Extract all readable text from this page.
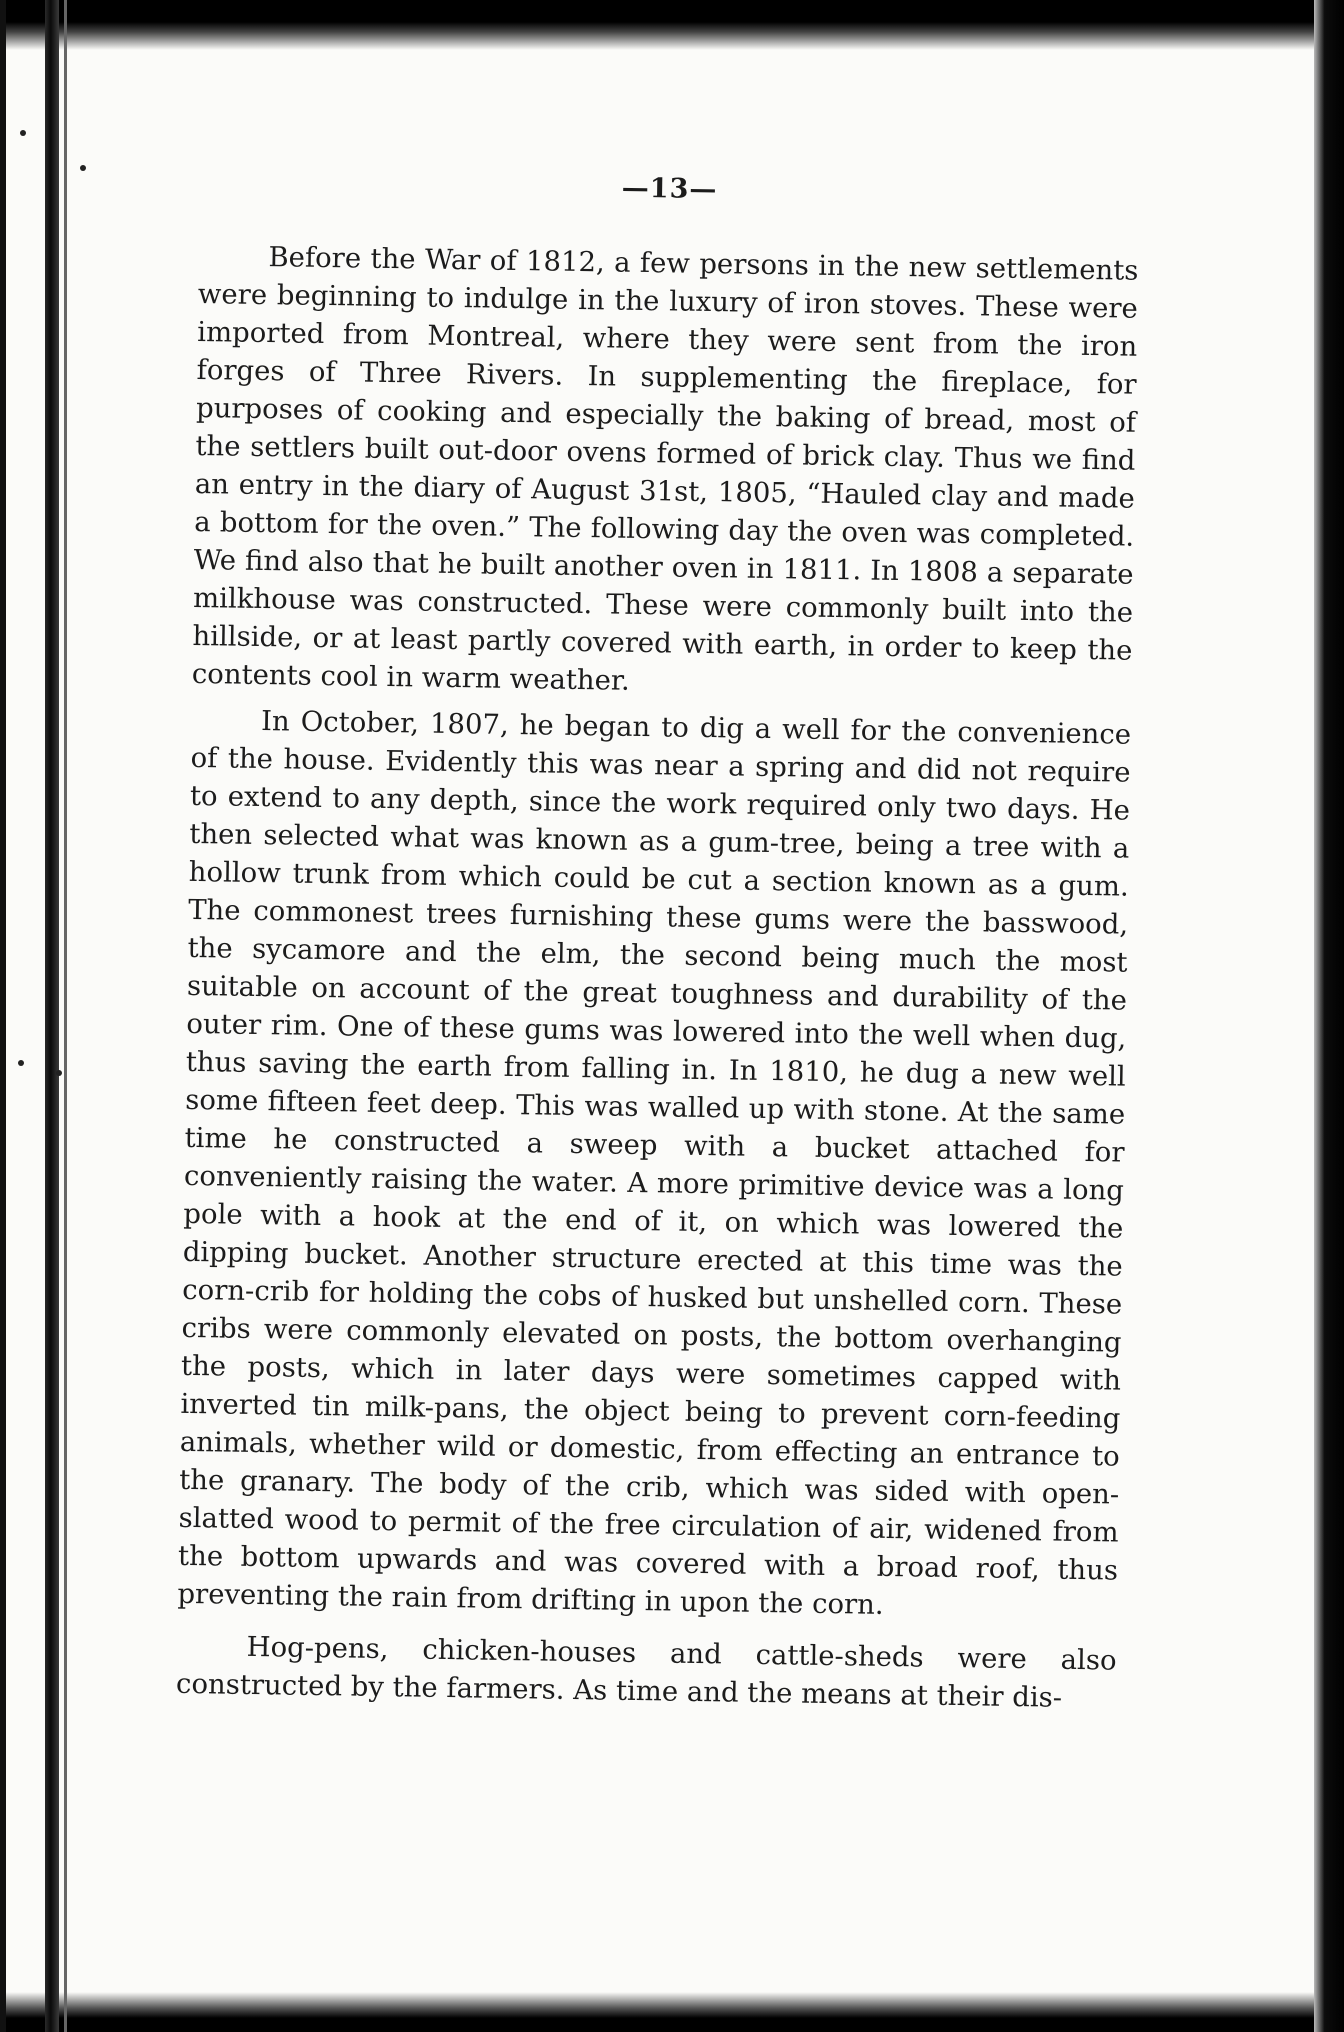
—13—

Before the War of 1812, a few persons in the new settlements were beginning to indulge in the luxury of iron stoves. These were imported from Montreal, where they were sent from the iron forges of Three Rivers. In supplementing the fireplace, for purposes of cooking and especially the baking of bread, most of the settlers built out-door ovens formed of brick clay. Thus we find an entry in the diary of August 31st, 1805, “Hauled clay and made a bottom for the oven.” The following day the oven was completed. We find also that he built another oven in 1811. In 1808 a separate milkhouse was constructed. These were commonly built into the hillside, or at least partly covered with earth, in order to keep the contents cool in warm weather.

In October, 1807, he began to dig a well for the convenience of the house. Evidently this was near a spring and did not require to extend to any depth, since the work required only two days. He then selected what was known as a gum-tree, being a tree with a hollow trunk from which could be cut a section known as a gum. The commonest trees furnishing these gums were the basswood, the sycamore and the elm, the second being much the most suitable on account of the great toughness and durability of the outer rim. One of these gums was lowered into the well when dug, thus saving the earth from falling in. In 1810, he dug a new well some fifteen feet deep. This was walled up with stone. At the same time he constructed a sweep with a bucket attached for conveniently raising the water. A more primitive device was a long pole with a hook at the end of it, on which was lowered the dipping bucket. Another structure erected at this time was the corn-crib for holding the cobs of husked but unshelled corn. These cribs were commonly elevated on posts, the bottom overhanging the posts, which in later days were sometimes capped with inverted tin milk-pans, the object being to prevent corn-feeding animals, whether wild or domestic, from effecting an entrance to the granary. The body of the crib, which was sided with open-slatted wood to permit of the free circulation of air, widened from the bottom upwards and was covered with a broad roof, thus preventing the rain from drifting in upon the corn.

Hog-pens, chicken-houses and cattle-sheds were also constructed by the farmers. As time and the means at their dis-
